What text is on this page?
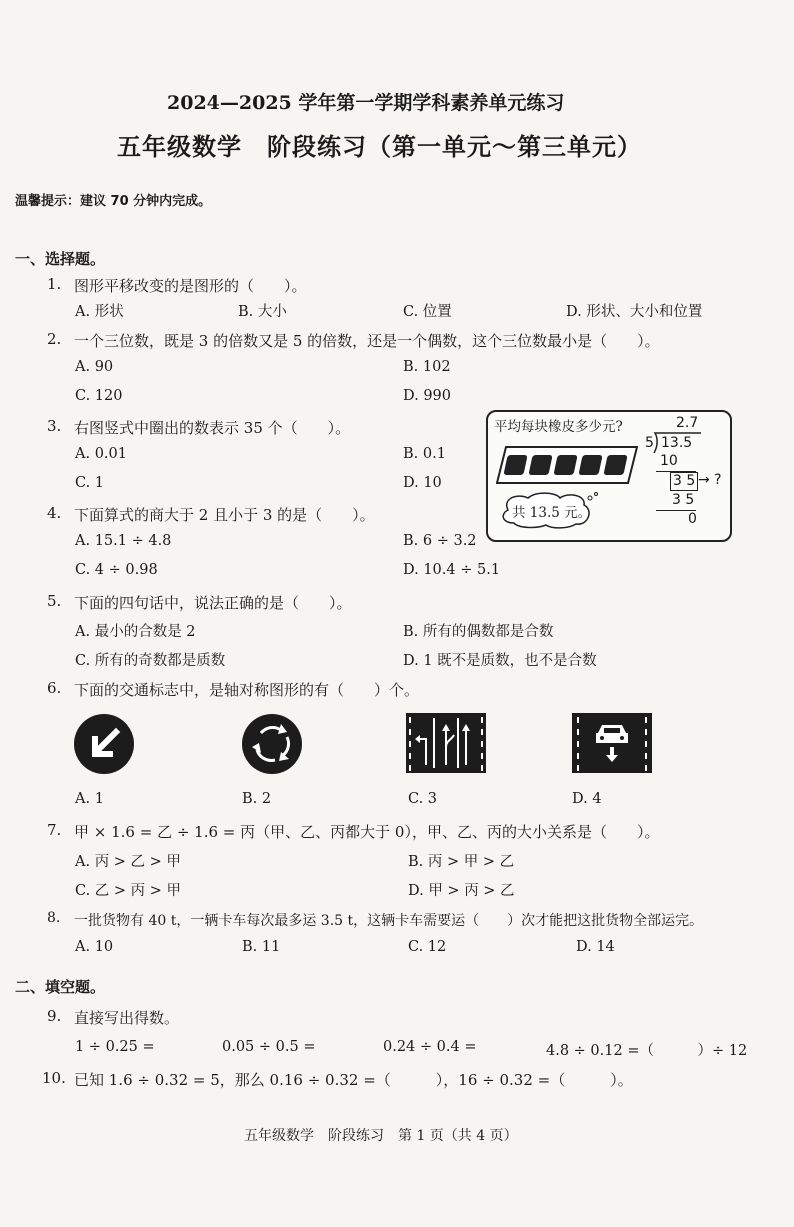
2024—2025 学年第一学期学科素养单元练习
五年级数学　阶段练习（第一单元～第三单元）
温馨提示：建议 70 分钟内完成。
一、选择题。
1. 图形平移改变的是图形的（　　）。
A. 形状	B. 大小	C. 位置	D. 形状、大小和位置
2. 一个三位数，既是 3 的倍数又是 5 的倍数，还是一个偶数，这个三位数最小是（　　）。
A. 90	B. 102
C. 120	D. 990
3. 右图竖式中圈出的数表示 35 个（　　）。
A. 0.01	B. 0.1
C. 1	D. 10
平均每块橡皮多少元?
共 13.5 元。
2.7
5 13.5
10
3 5 → ?
3 5
0
4. 下面算式的商大于 2 且小于 3 的是（　　）。
A. 15.1 ÷ 4.8	B. 6 ÷ 3.2
C. 4 ÷ 0.98	D. 10.4 ÷ 5.1
5. 下面的四句话中，说法正确的是（　　）。
A. 最小的合数是 2	B. 所有的偶数都是合数
C. 所有的奇数都是质数	D. 1 既不是质数，也不是合数
6. 下面的交通标志中，是轴对称图形的有（　　）个。
A. 1	B. 2	C. 3	D. 4
7. 甲 × 1.6 = 乙 ÷ 1.6 = 丙（甲、乙、丙都大于 0），甲、乙、丙的大小关系是（　　）。
A. 丙 > 乙 > 甲	B. 丙 > 甲 > 乙
C. 乙 > 丙 > 甲	D. 甲 > 丙 > 乙
8. 一批货物有 40 t，一辆卡车每次最多运 3.5 t，这辆卡车需要运（　　）次才能把这批货物全部运完。
A. 10	B. 11	C. 12	D. 14
二、填空题。
9. 直接写出得数。
1 ÷ 0.25 =	0.05 ÷ 0.5 =	0.24 ÷ 0.4 =	4.8 ÷ 0.12 =（　　　）÷ 12
10. 已知 1.6 ÷ 0.32 = 5，那么 0.16 ÷ 0.32 =（　　　），16 ÷ 0.32 =（　　　）。
五年级数学　阶段练习　第 1 页（共 4 页）
